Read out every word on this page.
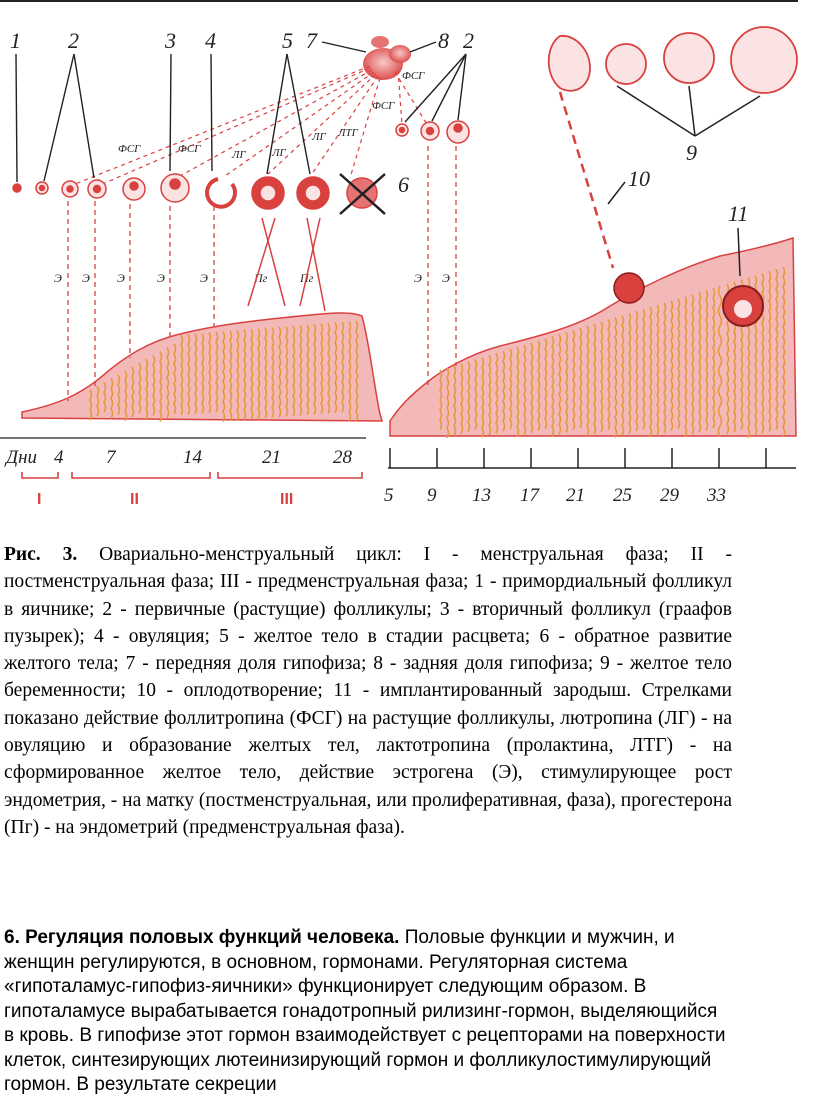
Э Э Э	Э	Э	Э Э
Пг	Пг
ФСГ	ФСГ	ЛГ ЛГ
ЛГ ЛТГ
ФСГ
ФСГ
1 2	3 4	5 7	8 2
6	10
9
11
Дни 4 7	14	21	28
5 9 13 17 21 25 29 33
I	II	III
Рис. 3. Овариально-менструальный цикл: I - менструальная фаза; II - постменструальная фаза; III - предменструальная фаза; 1 - примордиальный фолликул в яичнике; 2 - первичные (растущие) фолликулы; 3 - вторичный фолликул (граафов пузырек); 4 - овуляция; 5 - желтое тело в стадии расцвета; 6 - обратное развитие желтого тела; 7 - передняя доля гипофиза; 8 - задняя доля гипофиза; 9 - желтое тело беременности; 10 - оплодотворение; 11 - имплантированный зародыш. Стрелками показано действие фоллитропина (ФСГ) на растущие фолликулы, лютропина (ЛГ) - на овуляцию и образование желтых тел, лактотропина (пролактина, ЛТГ) - на сформированное желтое тело, действие эстрогена (Э), стимулирующее рост эндометрия, - на матку (постменструальная, или пролиферативная, фаза), прогестерона (Пг) - на эндометрий (предменструальная фаза).
6. Регуляция половых функций человека. Половые функции и мужчин, и женщин регулируются, в основном, гормонами. Регуляторная система «гипоталамус-гипофиз-яичники» функционирует следующим образом. В гипоталамусе вырабатывается гонадотропный рилизинг-гормон, выделяющийся в кровь. В гипофизе этот гормон взаимодействует с рецепторами на поверхности клеток, синтезирующих лютеинизирующий гормон и фолликулостимулирующий гормон. В результате секреции
